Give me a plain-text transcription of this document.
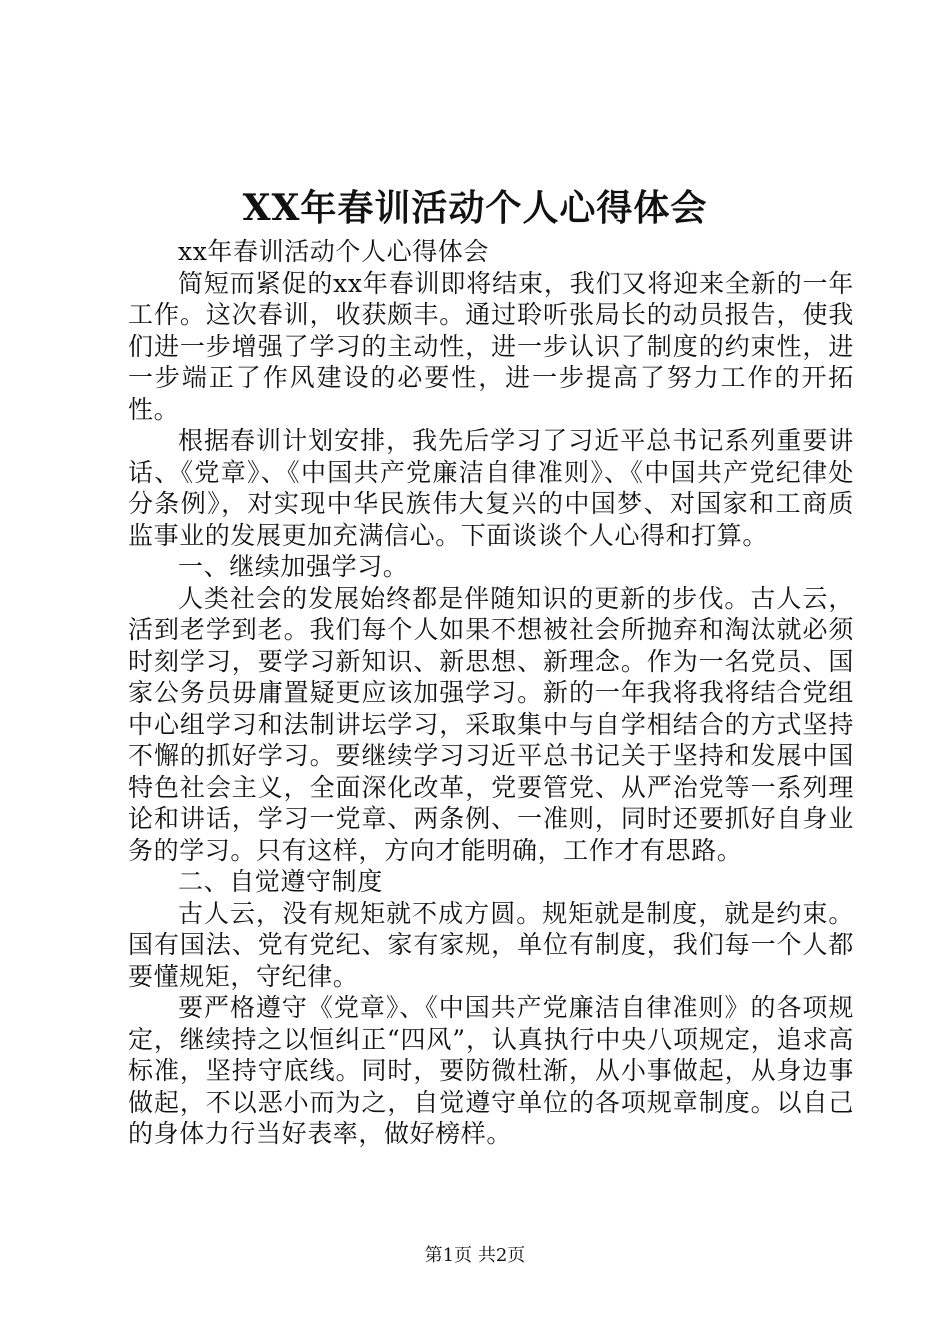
XX年春训活动个人心得体会

xx年春训活动个人心得体会

简短而紧促的xx年春训即将结束，我们又将迎来全新的一年工作。这次春训，收获颇丰。通过聆听张局长的动员报告，使我们进一步增强了学习的主动性，进一步认识了制度的约束性，进一步端正了作风建设的必要性，进一步提高了努力工作的开拓性。

根据春训计划安排，我先后学习了习近平总书记系列重要讲话、《党章》、《中国共产党廉洁自律准则》、《中国共产党纪律处分条例》，对实现中华民族伟大复兴的中国梦、对国家和工商质监事业的发展更加充满信心。下面谈谈个人心得和打算。

一、继续加强学习。

人类社会的发展始终都是伴随知识的更新的步伐。古人云，活到老学到老。我们每个人如果不想被社会所抛弃和淘汰就必须时刻学习，要学习新知识、新思想、新理念。作为一名党员、国家公务员毋庸置疑更应该加强学习。新的一年我将我将结合党组中心组学习和法制讲坛学习，采取集中与自学相结合的方式坚持不懈的抓好学习。要继续学习习近平总书记关于坚持和发展中国特色社会主义，全面深化改革，党要管党、从严治党等一系列理论和讲话，学习一党章、两条例、一准则，同时还要抓好自身业务的学习。只有这样，方向才能明确，工作才有思路。

二、自觉遵守制度

古人云，没有规矩就不成方圆。规矩就是制度，就是约束。国有国法、党有党纪、家有家规，单位有制度，我们每一个人都要懂规矩，守纪律。

要严格遵守《党章》、《中国共产党廉洁自律准则》的各项规定，继续持之以恒纠正“四风”，认真执行中央八项规定，追求高标准，坚持守底线。同时，要防微杜渐，从小事做起，从身边事做起，不以恶小而为之，自觉遵守单位的各项规章制度。以自己的身体力行当好表率，做好榜样。

第1页 共2页
